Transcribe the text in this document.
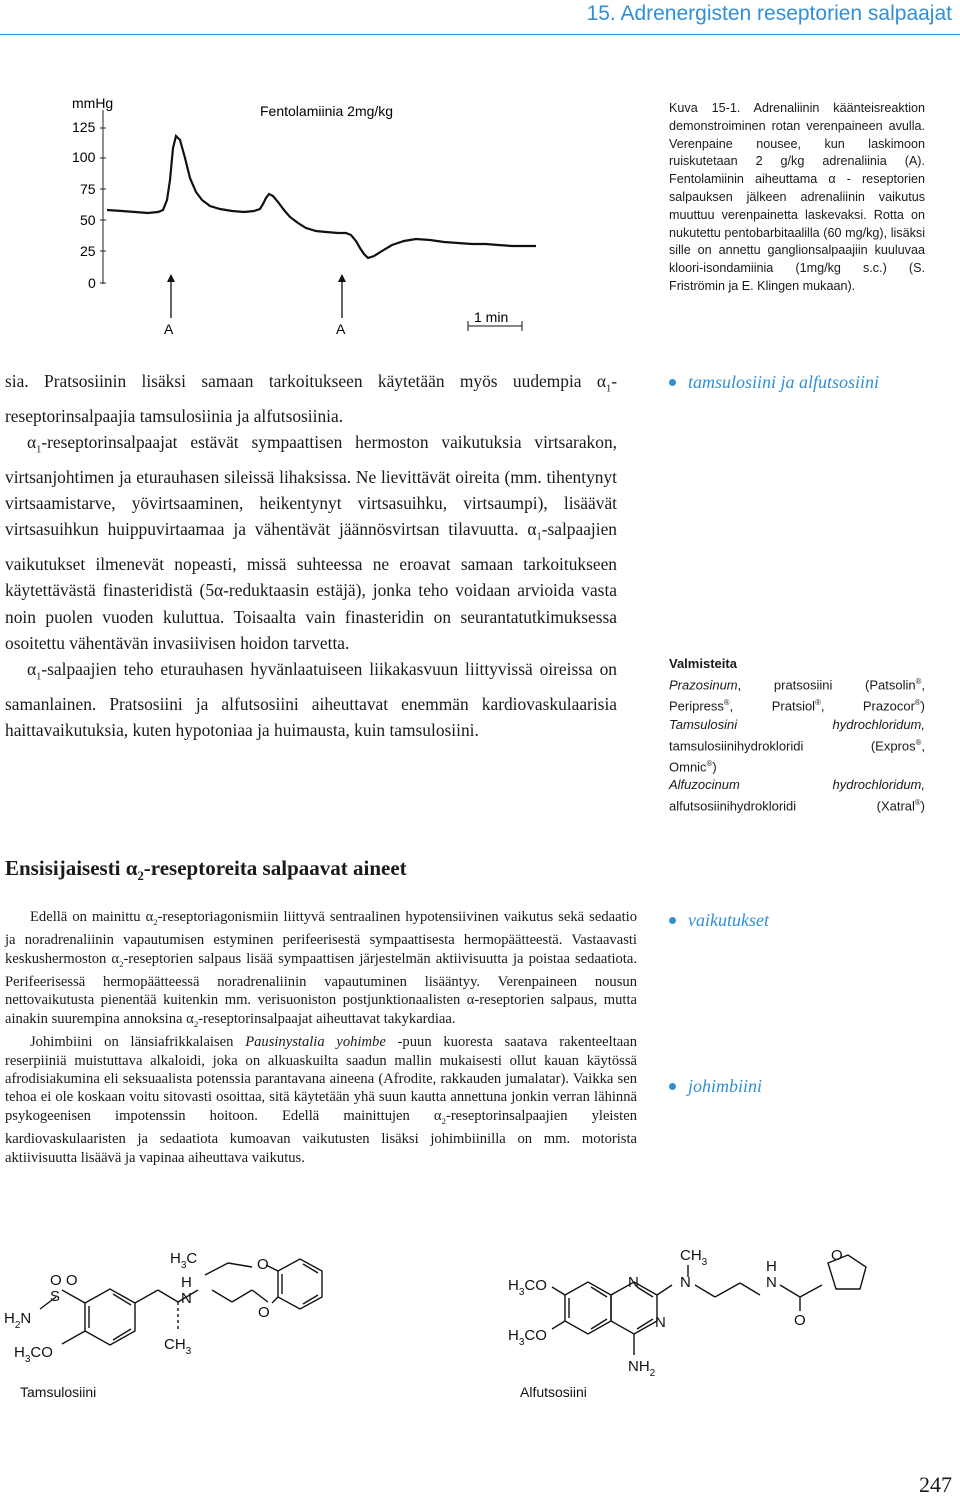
15. Adrenergisten reseptorien salpaajat
mmHg
125
100
75
50
25
0
Fentolamiinia 2mg/kg
A	A
1 min

Kuva 15-1. Adrenaliinin käänteisreaktion demonstroiminen rotan verenpaineen avulla. Verenpaine nousee, kun laskimoon ruiskutetaan 2 g/kg adrenaliinia (A). Fentolamiinin aiheuttama α - reseptorien salpauksen jälkeen adrenaliinin vaikutus muuttuu verenpainetta laskevaksi. Rotta on nukutettu pentobarbitaalilla (60 mg/kg), lisäksi sille on annettu ganglionsalpaajiin kuuluvaa kloori-isondamiinia (1mg/kg s.c.) (S. Friströmin ja E. Klingen mukaan).

sia. Pratsosiinin lisäksi samaan tarkoitukseen käytetään myös uudempia $\alpha_1$-reseptorinsalpaajia tamsulosiinia ja alfutsosiinia.
$\alpha_1$-reseptorinsalpaajat estävät sympaattisen hermoston vaikutuksia virtsarakon, virtsanjohtimen ja eturauhasen sileissä lihaksissa. Ne lievittävät oireita (mm. tihentynyt virtsaamistarve, yövirtsaaminen, heikentynyt virtsasuihku, virtsaumpi), lisäävät virtsasuihkun huippuvirtaamaa ja vähentävät jäännösvirtsan tilavuutta. $\alpha_1$-salpaajien vaikutukset ilmenevät nopeasti, missä suhteessa ne eroavat samaan tarkoitukseen käytettävästä finasteridistä (5α-reduktaasin estäjä), jonka teho voidaan arvioida vasta noin puolen vuoden kuluttua. Toisaalta vain finasteridin on seurantatutkimuksessa osoitettu vähentävän invasiivisen hoidon tarvetta.
$\alpha_1$-salpaajien teho eturauhasen hyvänlaatuiseen liikakasvuun liittyvissä oireissa on samanlainen. Pratsosiini ja alfutsosiini aiheuttavat enemmän kardiovaskulaarisia haittavaikutuksia, kuten hypotoniaa ja huimausta, kuin tamsulosiini.
tamsulosiini ja alfutsosiini
Valmisteita
Prazosinum, pratsosiini (Patsolin®,
Peripress®, Pratsiol®, Prazocor®)
Tamsulosini hydrochloridum,
tamsulosiinihydrokloridi (Expros®,
Omnic®)
Alfuzocinum hydrochloridum,
alfutsosiinihydrokloridi (Xatral®)
Ensisijaisesti $\alpha_2$-reseptoreita salpaavat aineet
Edellä on mainittu $\alpha_2$-reseptoriagonismiin liittyvä sentraalinen hypotensiivinen vaikutus sekä sedaatio ja noradrenaliinin vapautumisen estyminen perifeerisestä sympaattisesta hermopäätteestä. Vastaavasti keskushermoston $\alpha_2$-reseptorien salpaus lisää sympaattisen järjestelmän aktiivisuutta ja poistaa sedaatiota. Perifeerisessä hermopäätteessä noradrenaliinin vapautuminen lisääntyy. Verenpaineen nousun nettovaikutusta pienentää kuitenkin mm. verisuoniston postjunktionaalisten α-reseptorien salpaus, mutta ainakin suurempina annoksina $\alpha_2$-reseptorinsalpaajat aiheuttavat takykardiaa.
Johimbiini on länsiafrikkalaisen Pausinystalia yohimbe -puun kuoresta saatava rakenteeltaan reserpiiniä muistuttava alkaloidi, joka on alkuaskuilta saadun mallin mukaisesti ollut kauan käytössä afrodisiakumina eli seksuaalista potenssia parantavana aineena (Afrodite, rakkauden jumalatar). Vaikka sen tehoa ei ole koskaan voitu sitovasti osoittaa, sitä käytetään yhä suun kautta annettuna jonkin verran lähinnä psykogeenisen impotenssin hoitoon. Edellä mainittujen $\alpha_2$-reseptorinsalpaajien yleisten kardiovaskulaaristen ja sedaatiota kumoavan vaikutusten lisäksi johimbiinilla on mm. motorista aktiivisuutta lisäävä ja vapinaa aiheuttava vaikutus.
vaikutukset
johimbiini
O O
S
$H_2N$
$H_3CO$
$H_3C$	O
H
N
O
$CH_3$
Tamsulosiini
$H_3CO$
$H_3CO$
N
N
N
$CH_3$	H
N
O
O
$NH_2$
Alfutsosiini
247
